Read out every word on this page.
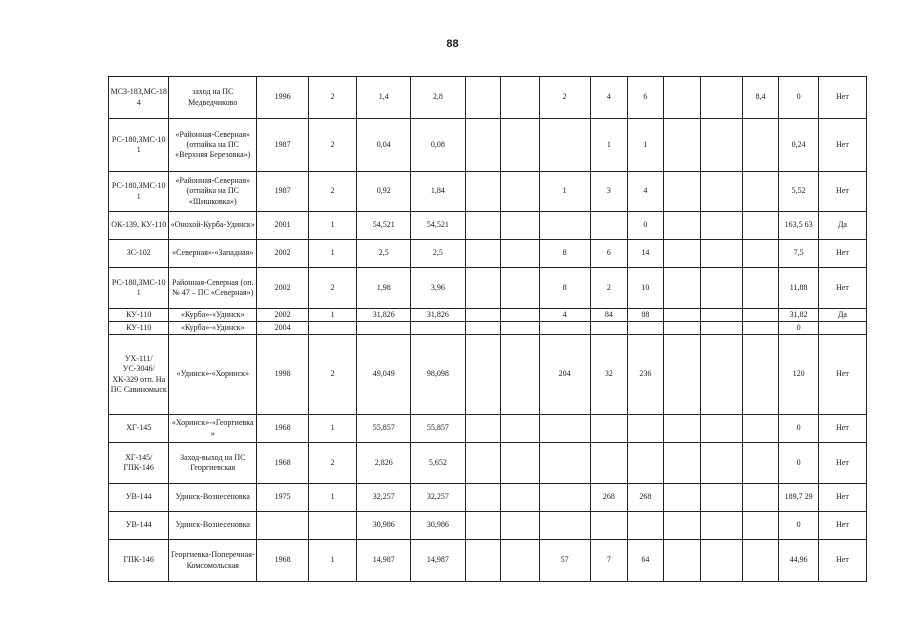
88
МСЗ-183,МС-184	заход на ПС Медведчиково	1996	2	1,4	2,8			2	4	6			8,4	0	Нет
РС-180,ЗМС-101	«Районная-Северная» (отпайка на ПС «Верхняя Березовка»)	1987	2	0,04	0,08				1	1				0,24	Нет
РС-180,ЗМС-101	«Районная-Северная» (отпайка на ПС «Шишковка»)	1987	2	0,92	1,84			1	3	4				5,52	Нет
ОК-139, КУ-110	«Онохой-Курба-Удинск»	2001	1	54,521	54,521					0				163,5 63	Да
ЗС-102	«Северная»-«Западная»	2002	1	2,5	2,5			8	6	14				7,5	Нет
РС-180,ЗМС-101	Районная-Северная (оп. № 47 – ПС «Северная»)	2002	2	1,98	3,96			8	2	10				11,88	Нет
КУ-110	«Курба»-«Удинск»	2002	1	31,826	31,826			4	84	88				31,82	Да
КУ-110	«Курба»-«Удинск»	2004												0	
УХ-111/УС-3046/ХК-329 отп. На ПС Савиномыск	«Удинск»-«Хоринск»	1998	2	49,049	98,098			204	32	236				120	Нет
ХГ-145	«Хоринск»-«Георгиевка»	1968	1	55,857	55,857									0	Нет
ХГ-145/ГПК-146	Заход-выход на ПС Георгиевская	1968	2	2,826	5,652									0	Нет
УВ-144	Удинск-Вознесеновка	1975	1	32,257	32,257				268	268				189,7 29	Нет
УВ-144	Удинск-Вознесеновка			30,986	30,986									0	Нет
ГПК-146	Георгиевка-Поперечная-Комсомольская	1968	1	14,987	14,987			57	7	64				44,96	Нет
